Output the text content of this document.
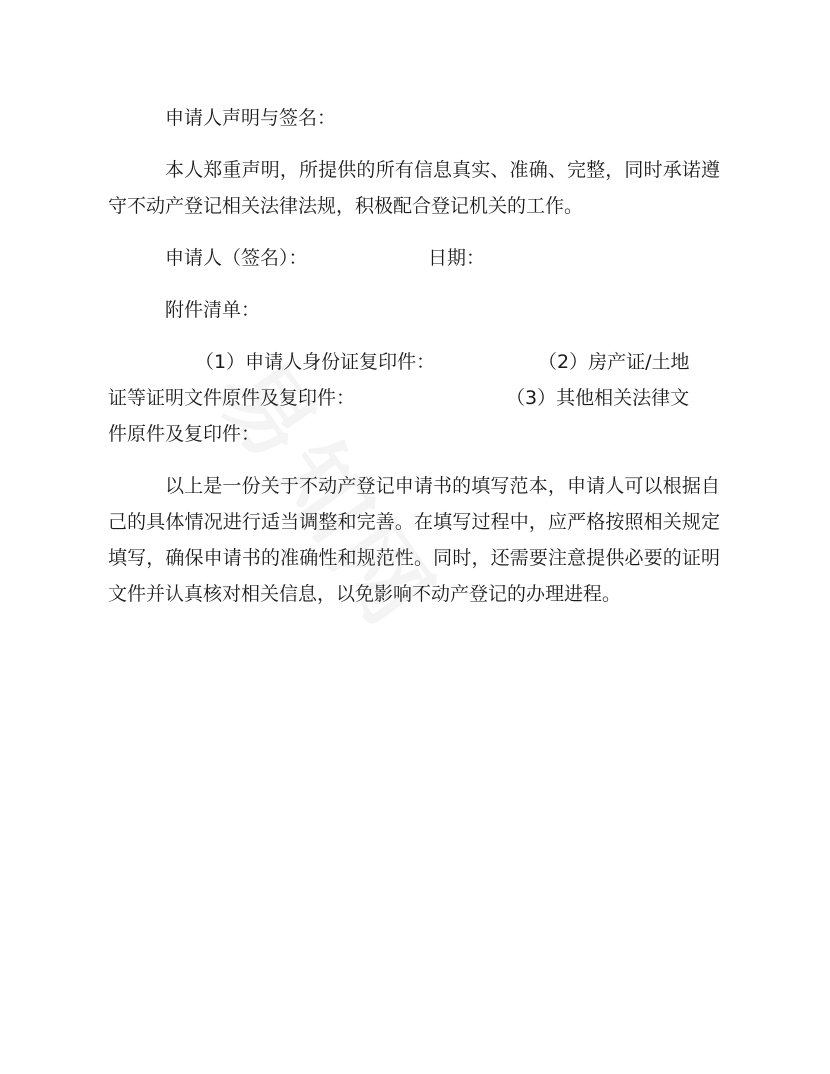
申请人声明与签名：

本人郑重声明，所提供的所有信息真实、准确、完整，同时承诺遵守不动产登记相关法律法规，积极配合登记机关的工作。

申请人（签名）：	日期：

附件清单：

（1）申请人身份证复印件：	（2）房产证/土地
证等证明文件原件及复印件：	（3）其他相关法律文
件原件及复印件：

以上是一份关于不动产登记申请书的填写范本，申请人可以根据自己的具体情况进行适当调整和完善。在填写过程中，应严格按照相关规定填写，确保申请书的准确性和规范性。同时，还需要注意提供必要的证明文件并认真核对相关信息，以免影响不动产登记的办理进程。
